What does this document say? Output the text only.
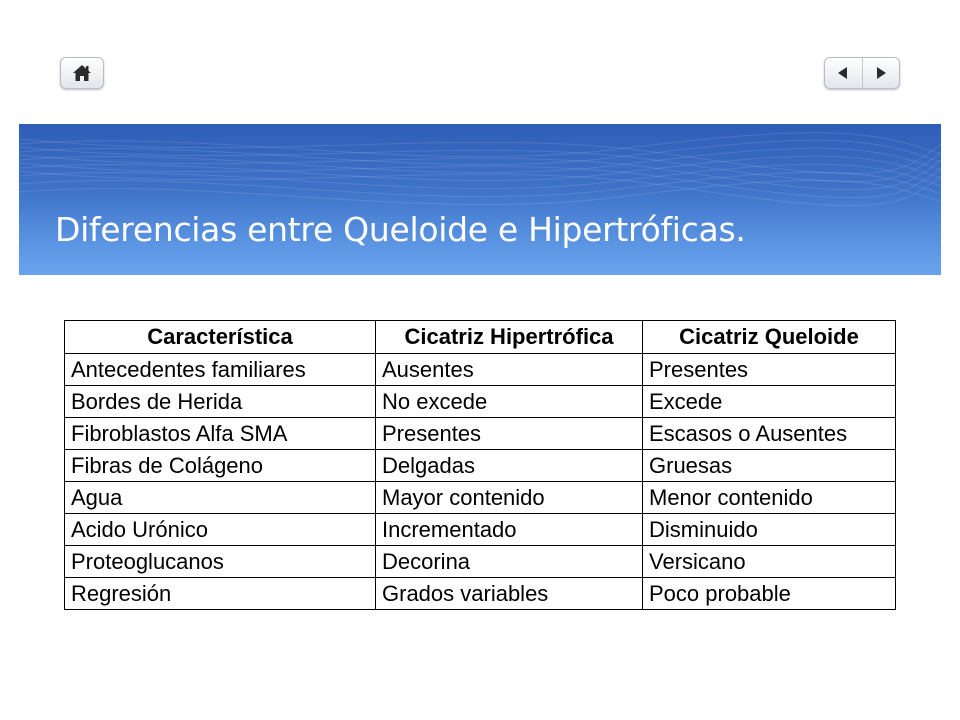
Diferencias entre Queloide e Hipertróficas.
Característica	Cicatriz Hipertrófica	Cicatriz Queloide
Antecedentes familiares	Ausentes	Presentes
Bordes de Herida	No excede	Excede
Fibroblastos Alfa SMA	Presentes	Escasos o Ausentes
Fibras de Colágeno	Delgadas	Gruesas
Agua	Mayor contenido	Menor contenido
Acido Urónico	Incrementado	Disminuido
Proteoglucanos	Decorina	Versicano
Regresión	Grados variables	Poco probable
